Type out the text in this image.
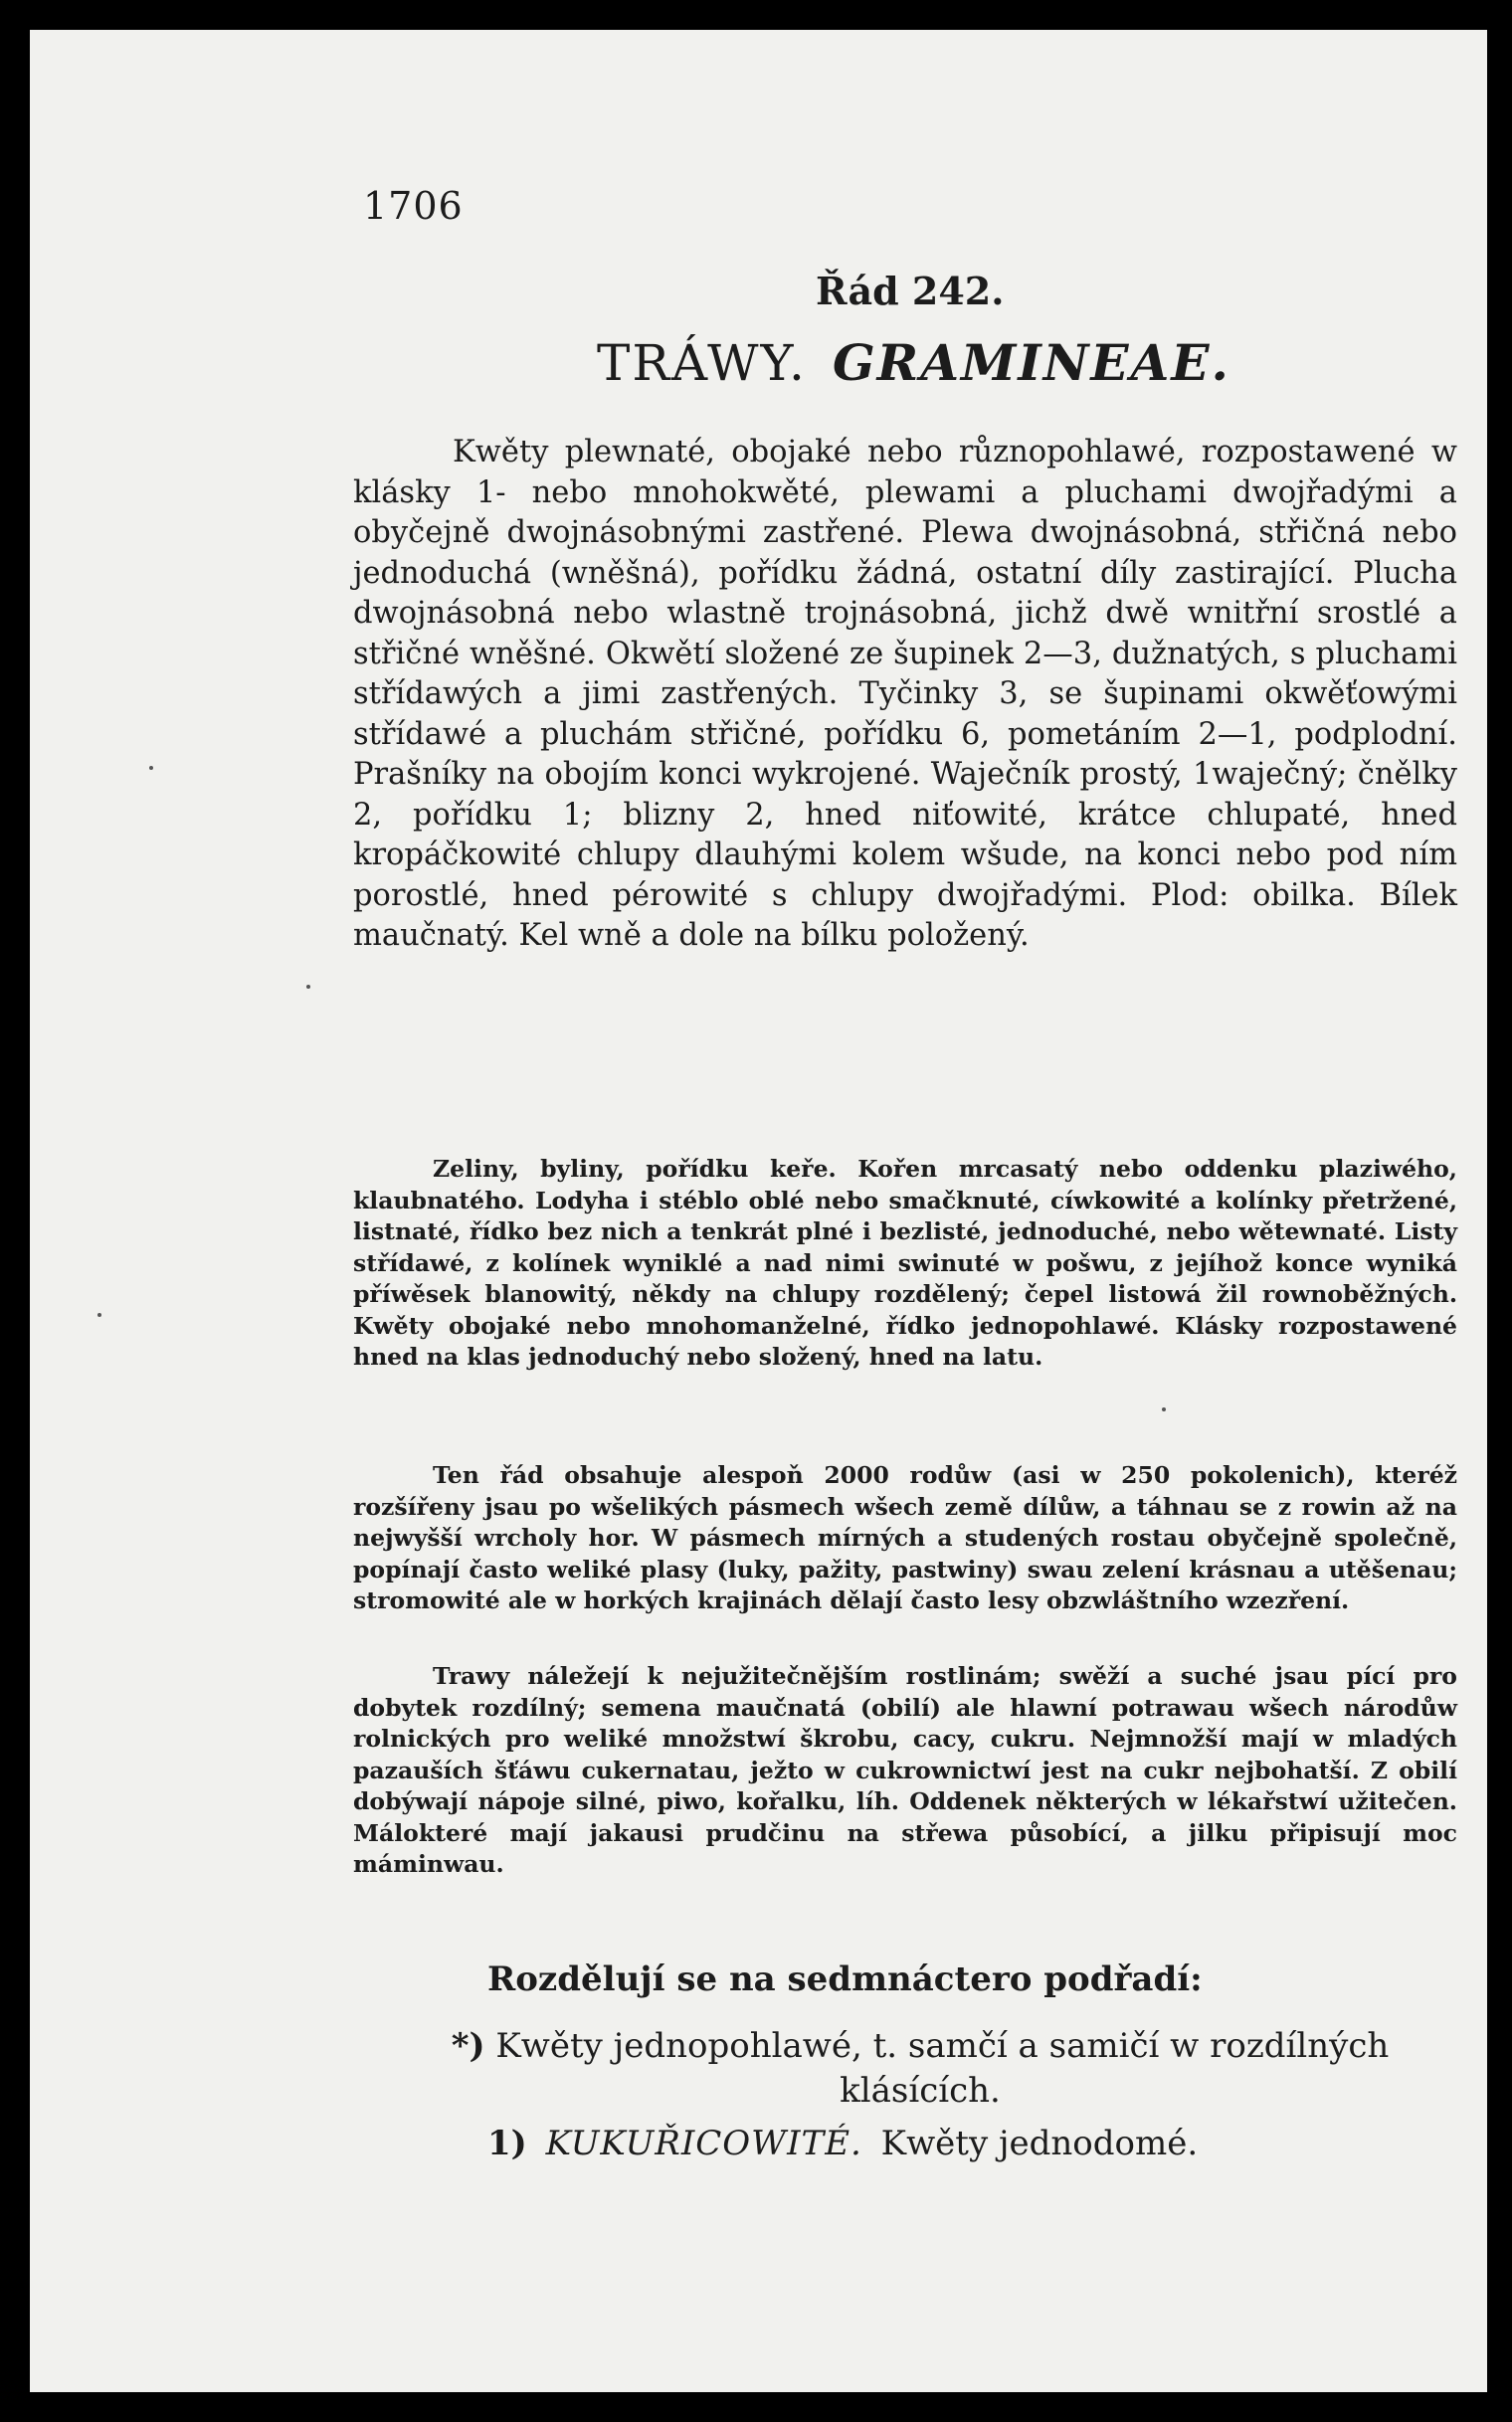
1706
Řád 242.
TRÁWY. GRAMINEAE.
Kwěty plewnaté, obojaké nebo různopohlawé, rozpostawené w klásky 1- nebo mnohokwěté, plewami a pluchami dwojřadými a obyčejně dwojnásobnými zastřené. Plewa dwojnásobná, střičná nebo jednoduchá (wněšná), pořídku žádná, ostatní díly zastirající. Plucha dwojnásobná nebo wlastně trojnásobná, jichž dwě wnitřní srostlé a střičné wněšné. Okwětí složené ze šupinek 2—3, dužnatých, s pluchami střídawých a jimi zastřených. Tyčinky 3, se šupinami okwěťowými střídawé a pluchám střičné, pořídku 6, pometáním 2—1, podplodní. Prašníky na obojím konci wykrojené. Waječník prostý, 1waječný; čnělky 2, pořídku 1; blizny 2, hned niťowité, krátce chlupaté, hned kropáčkowité chlupy dlauhými kolem wšude, na konci nebo pod ním porostlé, hned pérowité s chlupy dwojřadými. Plod: obilka. Bílek maučnatý. Kel wně a dole na bílku položený.
Zeliny, byliny, pořídku keře. Kořen mrcasatý nebo oddenku plaziwého, klaubnatého. Lodyha i stéblo oblé nebo smačknuté, cíwkowité a kolínky přetržené, listnaté, řídko bez nich a tenkrát plné i bezlisté, jednoduché, nebo wětewnaté. Listy střídawé, z kolínek wyniklé a nad nimi swinuté w pošwu, z jejíhož konce wyniká příwěsek blanowitý, někdy na chlupy rozdělený; čepel listowá žil rownoběžných. Kwěty obojaké nebo mnohomanželné, řídko jednopohlawé. Klásky rozpostawené hned na klas jednoduchý nebo složený, hned na latu.
Ten řád obsahuje alespoň 2000 rodůw (asi w 250 pokolenich), kteréž rozšířeny jsau po wšelikých pásmech wšech země dílůw, a táhnau se z rowin až na nejwyšší wrcholy hor. W pásmech mírných a studených rostau obyčejně společně, popínají často weliké plasy (luky, pažity, pastwiny) swau zelení krásnau a utěšenau; stromowité ale w horkých krajinách dělají často lesy obzwláštního wzezření.
Trawy náležejí k nejužitečnějším rostlinám; swěží a suché jsau pící pro dobytek rozdílný; semena maučnatá (obilí) ale hlawní potrawau wšech národůw rolnických pro weliké množstwí škrobu, cacy, cukru. Nejmnožší mají w mladých pazauších šťáwu cukernatau, ježto w cukrownictwí jest na cukr nejbohatší. Z obilí dobýwají nápoje silné, piwo, kořalku, líh. Oddenek některých w lékařstwí užitečen. Málokteré mají jakausi prudčinu na střewa působící, a jilku připisují moc máminwau.
Rozdělují se na sedmnáctero podřadí:
*) Kwěty jednopohlawé, t. samčí a samičí w rozdílných klásících.
1) KUKUŘICOWITÉ. Kwěty jednodomé.
